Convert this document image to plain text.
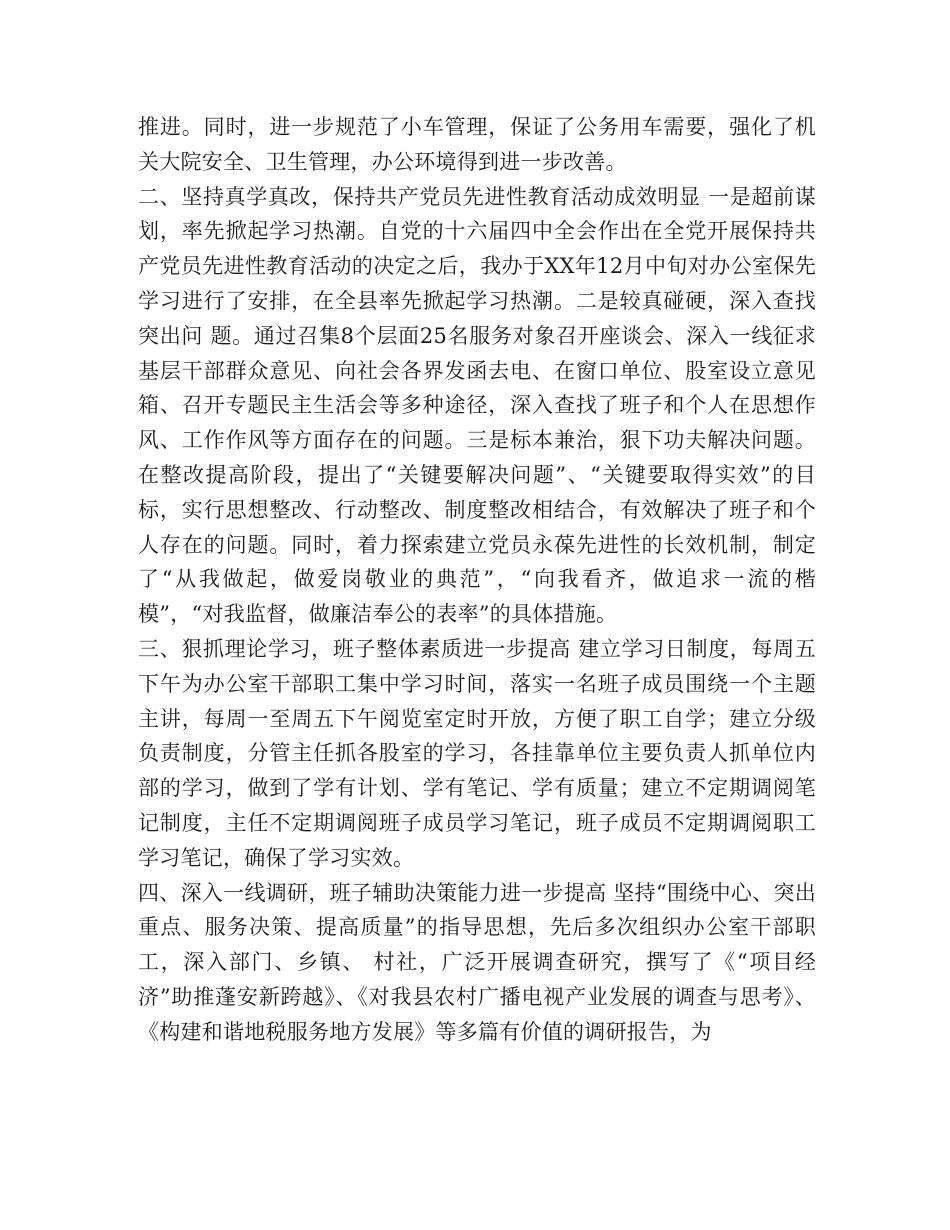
推进。同时，进一步规范了小车管理，保证了公务用车需要，强化了机关大院安全、卫生管理，办公环境得到进一步改善。

二、坚持真学真改，保持共产党员先进性教育活动成效明显 一是超前谋划，率先掀起学习热潮。自党的十六届四中全会作出在全党开展保持共产党员先进性教育活动的决定之后，我办于XX年12月中旬对办公室保先学习进行了安排，在全县率先掀起学习热潮。二是较真碰硬，深入查找突出问 题。通过召集8个层面25名服务对象召开座谈会、深入一线征求基层干部群众意见、向社会各界发函去电、在窗口单位、股室设立意见箱、召开专题民主生活会等多种途径，深入查找了班子和个人在思想作风、工作作风等方面存在的问题。三是标本兼治，狠下功夫解决问题。在整改提高阶段，提出了“关键要解决问题”、“关键要取得实效”的目标，实行思想整改、行动整改、制度整改相结合，有效解决了班子和个人存在的问题。同时，着力探索建立党员永葆先进性的长效机制，制定了“从我做起，做爱岗敬业的典范”，“向我看齐，做追求一流的楷模”，“对我监督，做廉洁奉公的表率”的具体措施。

三、狠抓理论学习，班子整体素质进一步提高 建立学习日制度，每周五下午为办公室干部职工集中学习时间，落实一名班子成员围绕一个主题主讲，每周一至周五下午阅览室定时开放，方便了职工自学；建立分级负责制度，分管主任抓各股室的学习，各挂靠单位主要负责人抓单位内部的学习，做到了学有计划、学有笔记、学有质量；建立不定期调阅笔记制度，主任不定期调阅班子成员学习笔记，班子成员不定期调阅职工学习笔记，确保了学习实效。

四、深入一线调研，班子辅助决策能力进一步提高 坚持“围绕中心、突出重点、服务决策、提高质量”的指导思想，先后多次组织办公室干部职工，深入部门、乡镇、 村社，广泛开展调查研究，撰写了《“项目经济”助推蓬安新跨越》、《对我县农村广播电视产业发展的调查与思考》、《构建和谐地税服务地方发展》等多篇有价值的调研报告，为
